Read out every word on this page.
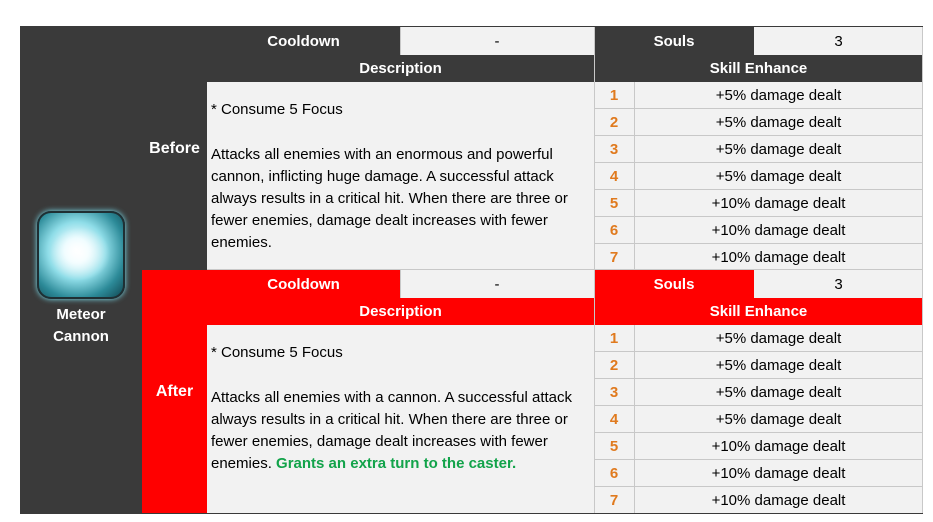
Meteor
Cannon
Before
Cooldown	-	Souls	3
Description	Skill Enhance
* Consume 5 Focus
Attacks all enemies with an enormous and powerful cannon, inflicting huge damage. A successful attack always results in a critical hit. When there are three or fewer enemies, damage dealt increases with fewer enemies.
1	+5% damage dealt
2	+5% damage dealt
3	+5% damage dealt
4	+5% damage dealt
5	+10% damage dealt
6	+10% damage dealt
7	+10% damage dealt
After
Cooldown	-	Souls	3
Description	Skill Enhance
* Consume 5 Focus
Attacks all enemies with a cannon. A successful attack always results in a critical hit. When there are three or fewer enemies, damage dealt increases with fewer enemies. Grants an extra turn to the caster.
1	+5% damage dealt
2	+5% damage dealt
3	+5% damage dealt
4	+5% damage dealt
5	+10% damage dealt
6	+10% damage dealt
7	+10% damage dealt
